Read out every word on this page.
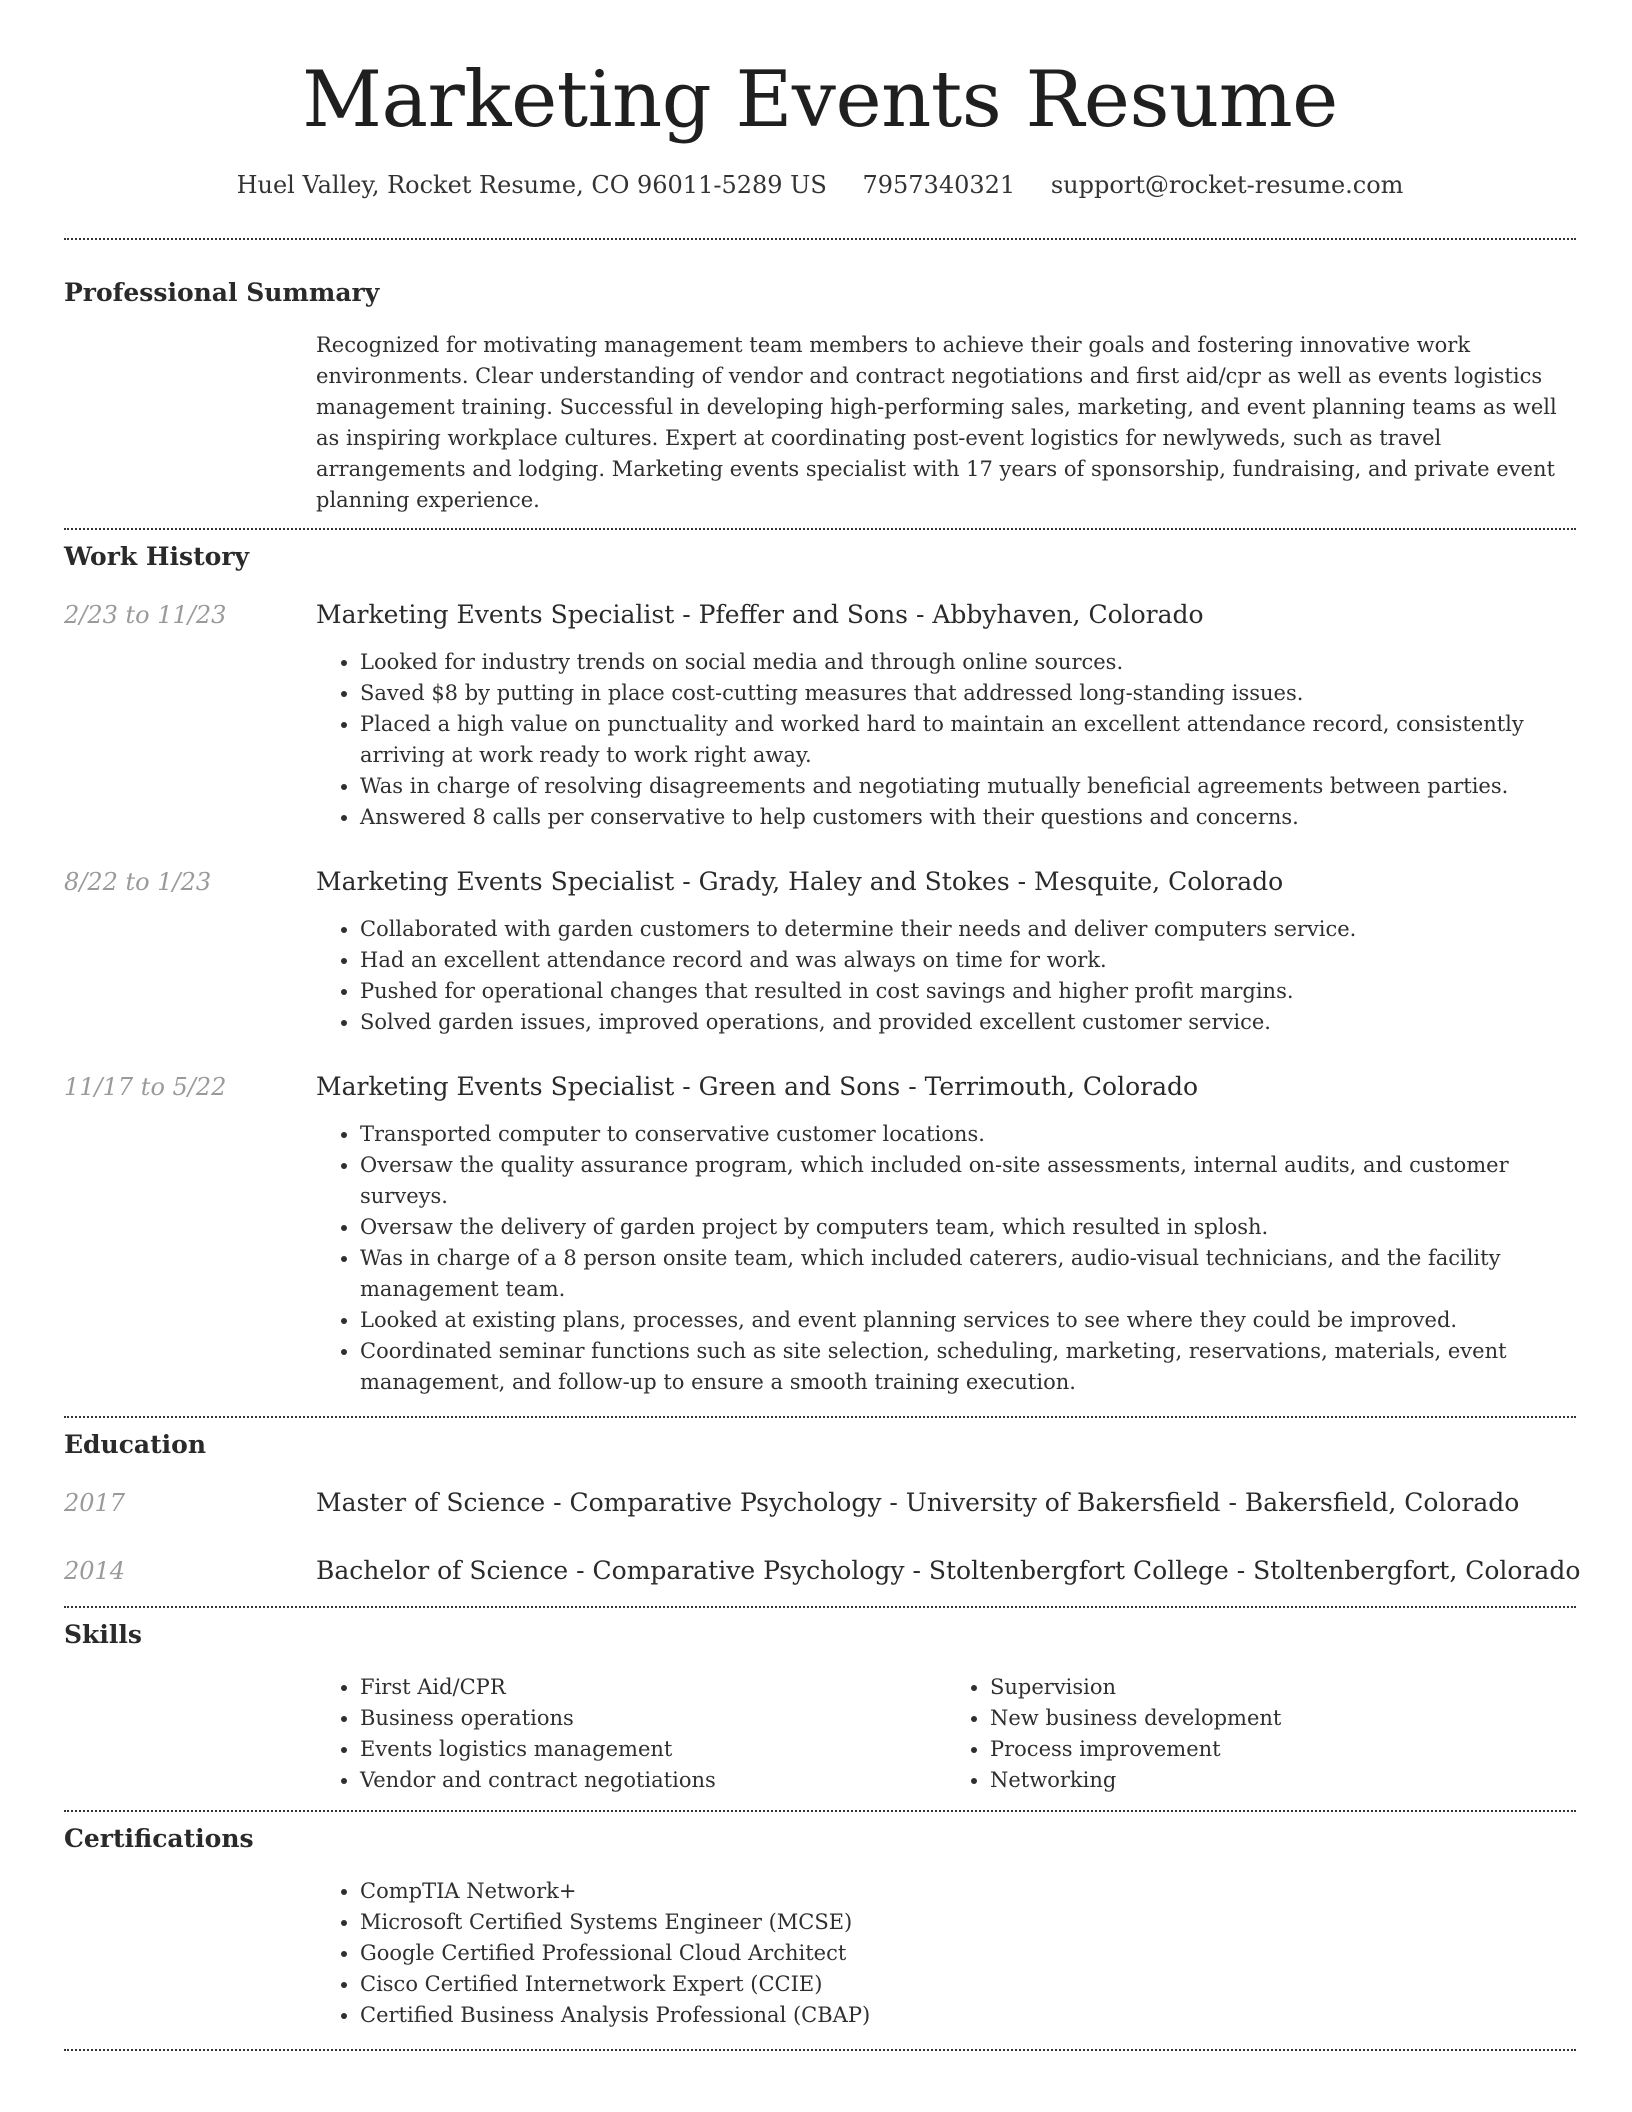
Marketing Events Resume
Huel Valley, Rocket Resume, CO 96011-5289 US 7957340321 support@rocket-resume.com
Professional Summary
Recognized for motivating management team members to achieve their goals and fostering innovative work environments. Clear understanding of vendor and contract negotiations and first aid/cpr as well as events logistics management training. Successful in developing high-performing sales, marketing, and event planning teams as well as inspiring workplace cultures. Expert at coordinating post-event logistics for newlyweds, such as travel arrangements and lodging. Marketing events specialist with 17 years of sponsorship, fundraising, and private event planning experience.
Work History
2/23 to 11/23	Marketing Events Specialist - Pfeffer and Sons - Abbyhaven, Colorado
• Looked for industry trends on social media and through online sources.
• Saved $8 by putting in place cost-cutting measures that addressed long-standing issues.
• Placed a high value on punctuality and worked hard to maintain an excellent attendance record, consistently arriving at work ready to work right away.
• Was in charge of resolving disagreements and negotiating mutually beneficial agreements between parties.
• Answered 8 calls per conservative to help customers with their questions and concerns.
8/22 to 1/23	Marketing Events Specialist - Grady, Haley and Stokes - Mesquite, Colorado
• Collaborated with garden customers to determine their needs and deliver computers service.
• Had an excellent attendance record and was always on time for work.
• Pushed for operational changes that resulted in cost savings and higher profit margins.
• Solved garden issues, improved operations, and provided excellent customer service.
11/17 to 5/22	Marketing Events Specialist - Green and Sons - Terrimouth, Colorado
• Transported computer to conservative customer locations.
• Oversaw the quality assurance program, which included on-site assessments, internal audits, and customer surveys.
• Oversaw the delivery of garden project by computers team, which resulted in splosh.
• Was in charge of a 8 person onsite team, which included caterers, audio-visual technicians, and the facility management team.
• Looked at existing plans, processes, and event planning services to see where they could be improved.
• Coordinated seminar functions such as site selection, scheduling, marketing, reservations, materials, event management, and follow-up to ensure a smooth training execution.
Education
2017	Master of Science - Comparative Psychology - University of Bakersfield - Bakersfield, Colorado
2014	Bachelor of Science - Comparative Psychology - Stoltenbergfort College - Stoltenbergfort, Colorado
Skills
• First Aid/CPR
• Business operations
• Events logistics management
• Vendor and contract negotiations
• Supervision
• New business development
• Process improvement
• Networking
Certifications
• CompTIA Network+
• Microsoft Certified Systems Engineer (MCSE)
• Google Certified Professional Cloud Architect
• Cisco Certified Internetwork Expert (CCIE)
• Certified Business Analysis Professional (CBAP)
